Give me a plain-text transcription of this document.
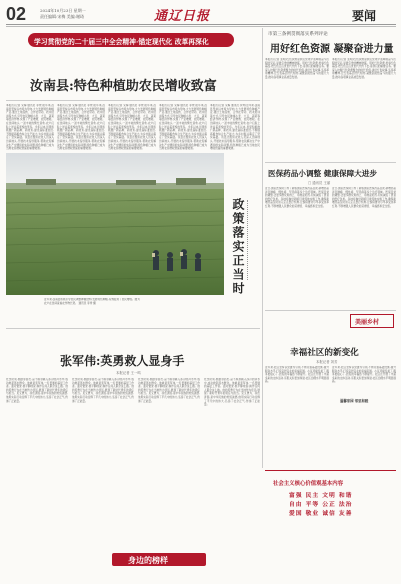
02	2024年10月23日 星期一
责任编辑:宋梅 美编:谢琦	通辽日报	要闻
学习贯彻党的二十届三中全会精神·锚定现代化 改革再深化
汝南县:特色种植助农民增收致富
本报讯(记者 宋梅 通讯员 李秀)近年来,汝南县坚持以市场为导向,大力发展特色种植产业,通过土地流转、合作社带动、技术培训等方式,引导农民种植小麦、大豆、蔬菜等经济作物,实现了产业增效、农民增收。在田间地头,一派丰收的繁忙景象,农户们脸上洋溢着喜悦的笑容。今年以来,县里积极推广新品种、新技术,建设高标准农田,不断提高粮食综合生产能力,为乡村振兴奠定了坚实基础。该县还组织农技人员深入田间地头,开展技术指导服务,帮助农民解决生产中遇到的实际问题,特色种植已成为当地农民增收致富的重要渠道。
本报讯(记者 宋梅 通讯员 李秀)近年来,汝南县坚持以市场为导向,大力发展特色种植产业,通过土地流转、合作社带动、技术培训等方式,引导农民种植小麦、大豆、蔬菜等经济作物,实现了产业增效、农民增收。在田间地头,一派丰收的繁忙景象,农户们脸上洋溢着喜悦的笑容。今年以来,县里积极推广新品种、新技术,建设高标准农田,不断提高粮食综合生产能力,为乡村振兴奠定了坚实基础。该县还组织农技人员深入田间地头,开展技术指导服务,帮助农民解决生产中遇到的实际问题,特色种植已成为当地农民增收致富的重要渠道。
本报讯(记者 宋梅 通讯员 李秀)近年来,汝南县坚持以市场为导向,大力发展特色种植产业,通过土地流转、合作社带动、技术培训等方式,引导农民种植小麦、大豆、蔬菜等经济作物,实现了产业增效、农民增收。在田间地头,一派丰收的繁忙景象,农户们脸上洋溢着喜悦的笑容。今年以来,县里积极推广新品种、新技术,建设高标准农田,不断提高粮食综合生产能力,为乡村振兴奠定了坚实基础。该县还组织农技人员深入田间地头,开展技术指导服务,帮助农民解决生产中遇到的实际问题,特色种植已成为当地农民增收致富的重要渠道。
本报讯(记者 宋梅 通讯员 李秀)近年来,汝南县坚持以市场为导向,大力发展特色种植产业,通过土地流转、合作社带动、技术培训等方式,引导农民种植小麦、大豆、蔬菜等经济作物,实现了产业增效、农民增收。在田间地头,一派丰收的繁忙景象,农户们脸上洋溢着喜悦的笑容。今年以来,县里积极推广新品种、新技术,建设高标准农田,不断提高粮食综合生产能力,为乡村振兴奠定了坚实基础。该县还组织农技人员深入田间地头,开展技术指导服务,帮助农民解决生产中遇到的实际问题,特色种植已成为当地农民增收致富的重要渠道。
本报讯(记者 宋梅 通讯员 李秀)近年来,汝南县坚持以市场为导向,大力发展特色种植产业,通过土地流转、合作社带动、技术培训等方式,引导农民种植小麦、大豆、蔬菜等经济作物,实现了产业增效、农民增收。在田间地头,一派丰收的繁忙景象,农户们脸上洋溢着喜悦的笑容。今年以来,县里积极推广新品种、新技术,建设高标准农田,不断提高粮食综合生产能力,为乡村振兴奠定了坚实基础。该县还组织农技人员深入田间地头,开展技术指导服务,帮助农民解决生产中遇到的实际问题,特色种植已成为当地农民增收致富的重要渠道。
政策落实正当时
近年来,汝南县积极引导农民调整种植结构,发展特色种植,有效促进了农民增收。图为农户在田间查看农作物长势。 通讯员 李秀 摄
市第三条例贯彻落实系列评论
用好红色资源 凝聚奋进力量
本报讯(记者 张明)红色资源是我们党艰辛而辉煌奋斗历程的见证,是最宝贵的精神财富。用好红色资源,传承红色基因,把红色江山世世代代传下去,是我们的重要任务。要深入挖掘红色资源蕴含的时代价值,讲好红色故事,弘扬革命精神,让红色基因代代相传,凝聚起团结奋斗的强大力量,推动各项事业高质量发展。
本报讯(记者 张明)红色资源是我们党艰辛而辉煌奋斗历程的见证,是最宝贵的精神财富。用好红色资源,传承红色基因,把红色江山世世代代传下去,是我们的重要任务。要深入挖掘红色资源蕴含的时代价值,讲好红色故事,弘扬革命精神,让红色基因代代相传,凝聚起团结奋斗的强大力量,推动各项事业高质量发展。
医保药品小调整 健康保障大进步
□ 通讯员 王丽
近日,国家医保局公布了新版国家医保药品目录,新增药品涉及肿瘤、慢性病、罕见病等多个治疗领域。医保目录的调整,让更多群众用得上、用得起好药,切实减轻了患者的医疗负担。各地将做好新版目录落地实施工作,确保新增药品及时进入定点医疗机构,让参保群众尽早享受改革红利,不断增强人民群众的获得感、幸福感和安全感。
近日,国家医保局公布了新版国家医保药品目录,新增药品涉及肿瘤、慢性病、罕见病等多个治疗领域。医保目录的调整,让更多群众用得上、用得起好药,切实减轻了患者的医疗负担。各地将做好新版目录落地实施工作,确保新增药品及时进入定点医疗机构,让参保群众尽早享受改革红利,不断增强人民群众的获得感、幸福感和安全感。
美丽乡村
幸福社区的新变化
本报记者 刘芳
近年来,社区坚持以党建为引领,不断完善基础设施,提升服务水平,打造宜居宜业的幸福家园。小区环境变美了,服务更贴心了,居民的幸福感不断提升。社区还开展了丰富多彩的文体活动,邻里关系更加和谐,社区治理水平明显提高。
近年来,社区坚持以党建为引领,不断完善基础设施,提升服务水平,打造宜居宜业的幸福家园。小区环境变美了,服务更贴心了,居民的幸福感不断提升。社区还开展了丰富多彩的文体活动,邻里关系更加和谐,社区治理水平明显提高。
温馨家园 邻里和睦
张军伟:英勇救人显身手
本报记者 王一鸣
危急时刻,他挺身而出,奋不顾身跳入冰冷的河水中,成功救起落水群众。他就是张军伟,一名普通的基层工作者。面对赞誉,他平静地说:换作任何人都会这么做。他的英勇行为在当地传为佳话,展现了新时代青年的责任与担当。见义勇为、扶危济困,是中华民族的传统美德,他用实际行动诠释了平凡中的伟大,弘扬了社会正气,传递了正能量。
危急时刻,他挺身而出,奋不顾身跳入冰冷的河水中,成功救起落水群众。他就是张军伟,一名普通的基层工作者。面对赞誉,他平静地说:换作任何人都会这么做。他的英勇行为在当地传为佳话,展现了新时代青年的责任与担当。见义勇为、扶危济困,是中华民族的传统美德,他用实际行动诠释了平凡中的伟大,弘扬了社会正气,传递了正能量。
危急时刻,他挺身而出,奋不顾身跳入冰冷的河水中,成功救起落水群众。他就是张军伟,一名普通的基层工作者。面对赞誉,他平静地说:换作任何人都会这么做。他的英勇行为在当地传为佳话,展现了新时代青年的责任与担当。见义勇为、扶危济困,是中华民族的传统美德,他用实际行动诠释了平凡中的伟大,弘扬了社会正气,传递了正能量。
危急时刻,他挺身而出,奋不顾身跳入冰冷的河水中,成功救起落水群众。他就是张军伟,一名普通的基层工作者。面对赞誉,他平静地说:换作任何人都会这么做。他的英勇行为在当地传为佳话,展现了新时代青年的责任与担当。见义勇为、扶危济困,是中华民族的传统美德,他用实际行动诠释了平凡中的伟大,弘扬了社会正气,传递了正能量。
身边的榜样
社会主义核心价值观基本内容
富强 民主 文明 和谐
自由 平等 公正 法治
爱国 敬业 诚信 友善
